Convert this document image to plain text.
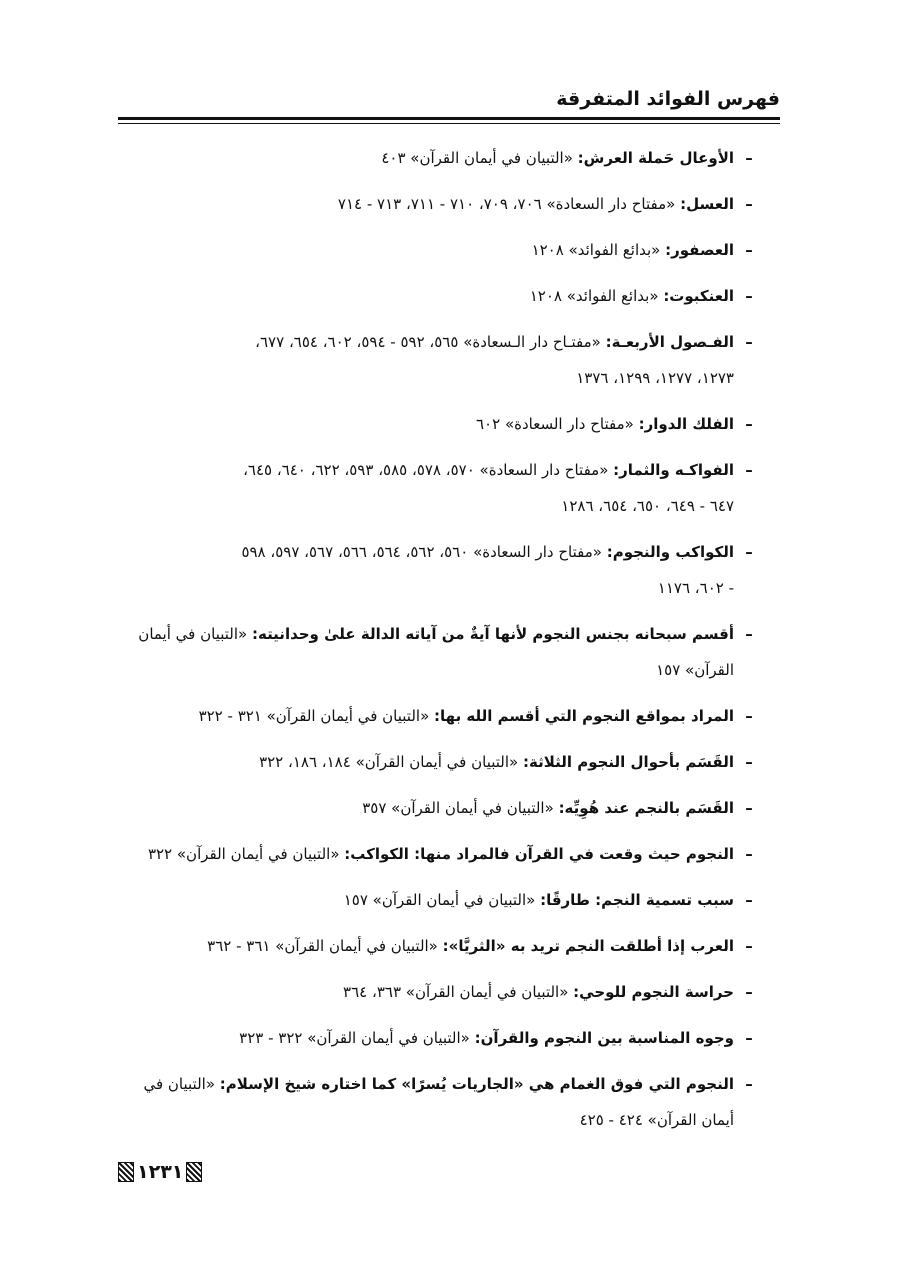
فهرس الفوائد المتفرقة
–
الأوعال حَملة العرش: «التبيان في أيمان القرآن» ٤٠٣
–
العسل: «مفتاح دار السعادة» ٧٠٦، ٧٠٩، ٧١٠ - ٧١١، ٧١٣ - ٧١٤
–
العصفور: «بدائع الفوائد» ١٢٠٨
–
العنكبوت: «بدائع الفوائد» ١٢٠٨
–
الفـصول الأربعـة: «مفتـاح دار الـسعادة» ٥٦٥، ٥٩٢ - ٥٩٤، ٦٠٢، ٦٥٤، ٦٧٧،
١٢٧٣، ١٢٧٧، ١٢٩٩، ١٣٧٦
–
الفلك الدوار: «مفتاح دار السعادة» ٦٠٢
–
الفواكـه والثمار: «مفتاح دار السعادة» ٥٧٠، ٥٧٨، ٥٨٥، ٥٩٣، ٦٢٢، ٦٤٠، ٦٤٥،
٦٤٧ - ٦٤٩، ٦٥٠، ٦٥٤، ١٢٨٦
–
الكواكب والنجوم: «مفتاح دار السعادة» ٥٦٠، ٥٦٢، ٥٦٤، ٥٦٦، ٥٦٧، ٥٩٧، ٥٩٨
- ٦٠٢، ١١٧٦
–
أقسم سبحانه بجنس النجوم لأنها آيةٌ من آياته الدالة علىٰ وحدانيته: «التبيان في أيمان
القرآن» ١٥٧
–
المراد بمواقع النجوم التي أقسم الله بها: «التبيان في أيمان القرآن» ٣٢١ - ٣٢٢
–
القَسَم بأحوال النجوم الثلاثة: «التبيان في أيمان القرآن» ١٨٤، ١٨٦، ٣٢٢
–
القَسَم بالنجم عند هُوِيِّه: «التبيان في أيمان القرآن» ٣٥٧
–
النجوم حيث وقعت في القرآن فالمراد منها: الكواكب: «التبيان في أيمان القرآن» ٣٢٢
–
سبب تسمية النجم: طارقًا: «التبيان في أيمان القرآن» ١٥٧
–
العرب إذا أطلقت النجم تريد به «الثريَّا»: «التبيان في أيمان القرآن» ٣٦١ - ٣٦٢
–
حراسة النجوم للوحي: «التبيان في أيمان القرآن» ٣٦٣، ٣٦٤
–
وجوه المناسبة بين النجوم والقرآن: «التبيان في أيمان القرآن» ٣٢٢ - ٣٢٣
–
النجوم التي فوق الغمام هي «الجاريات يُسرًا» كما اختاره شيخ الإسلام: «التبيان في
أيمان القرآن» ٤٢٤ - ٤٢٥
١٢٣١
